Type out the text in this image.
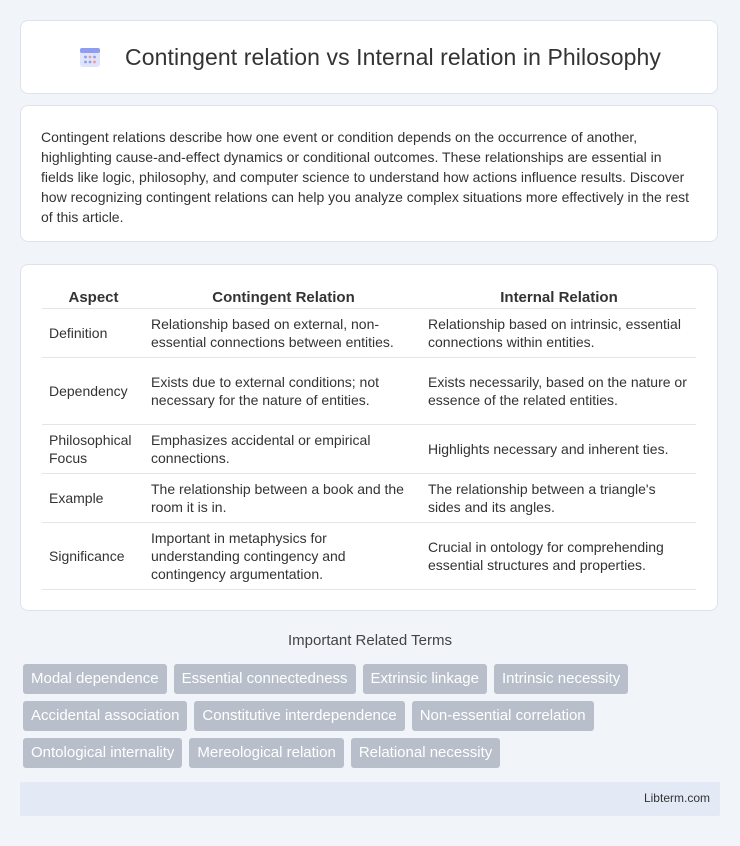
Contingent relation vs Internal relation in Philosophy

Contingent relations describe how one event or condition depends on the occurrence of another, highlighting cause-and-effect dynamics or conditional outcomes. These relationships are essential in fields like logic, philosophy, and computer science to understand how actions influence results. Discover how recognizing contingent relations can help you analyze complex situations more effectively in the rest of this article.

Aspect	Contingent Relation	Internal Relation
Definition	Relationship based on external, non-essential connections between entities.	Relationship based on intrinsic, essential connections within entities.
Dependency	Exists due to external conditions; not necessary for the nature of entities.	Exists necessarily, based on the nature or essence of the related entities.
Philosophical Focus	Emphasizes accidental or empirical connections.	Highlights necessary and inherent ties.
Example	The relationship between a book and the room it is in.	The relationship between a triangle's sides and its angles.
Significance	Important in metaphysics for understanding contingency and contingency argumentation.	Crucial in ontology for comprehending essential structures and properties.
Important Related Terms
Modal dependence	Essential connectedness	Extrinsic linkage	Intrinsic necessity
Accidental association	Constitutive interdependence	Non-essential correlation
Ontological internality	Mereological relation	Relational necessity
Libterm.com
